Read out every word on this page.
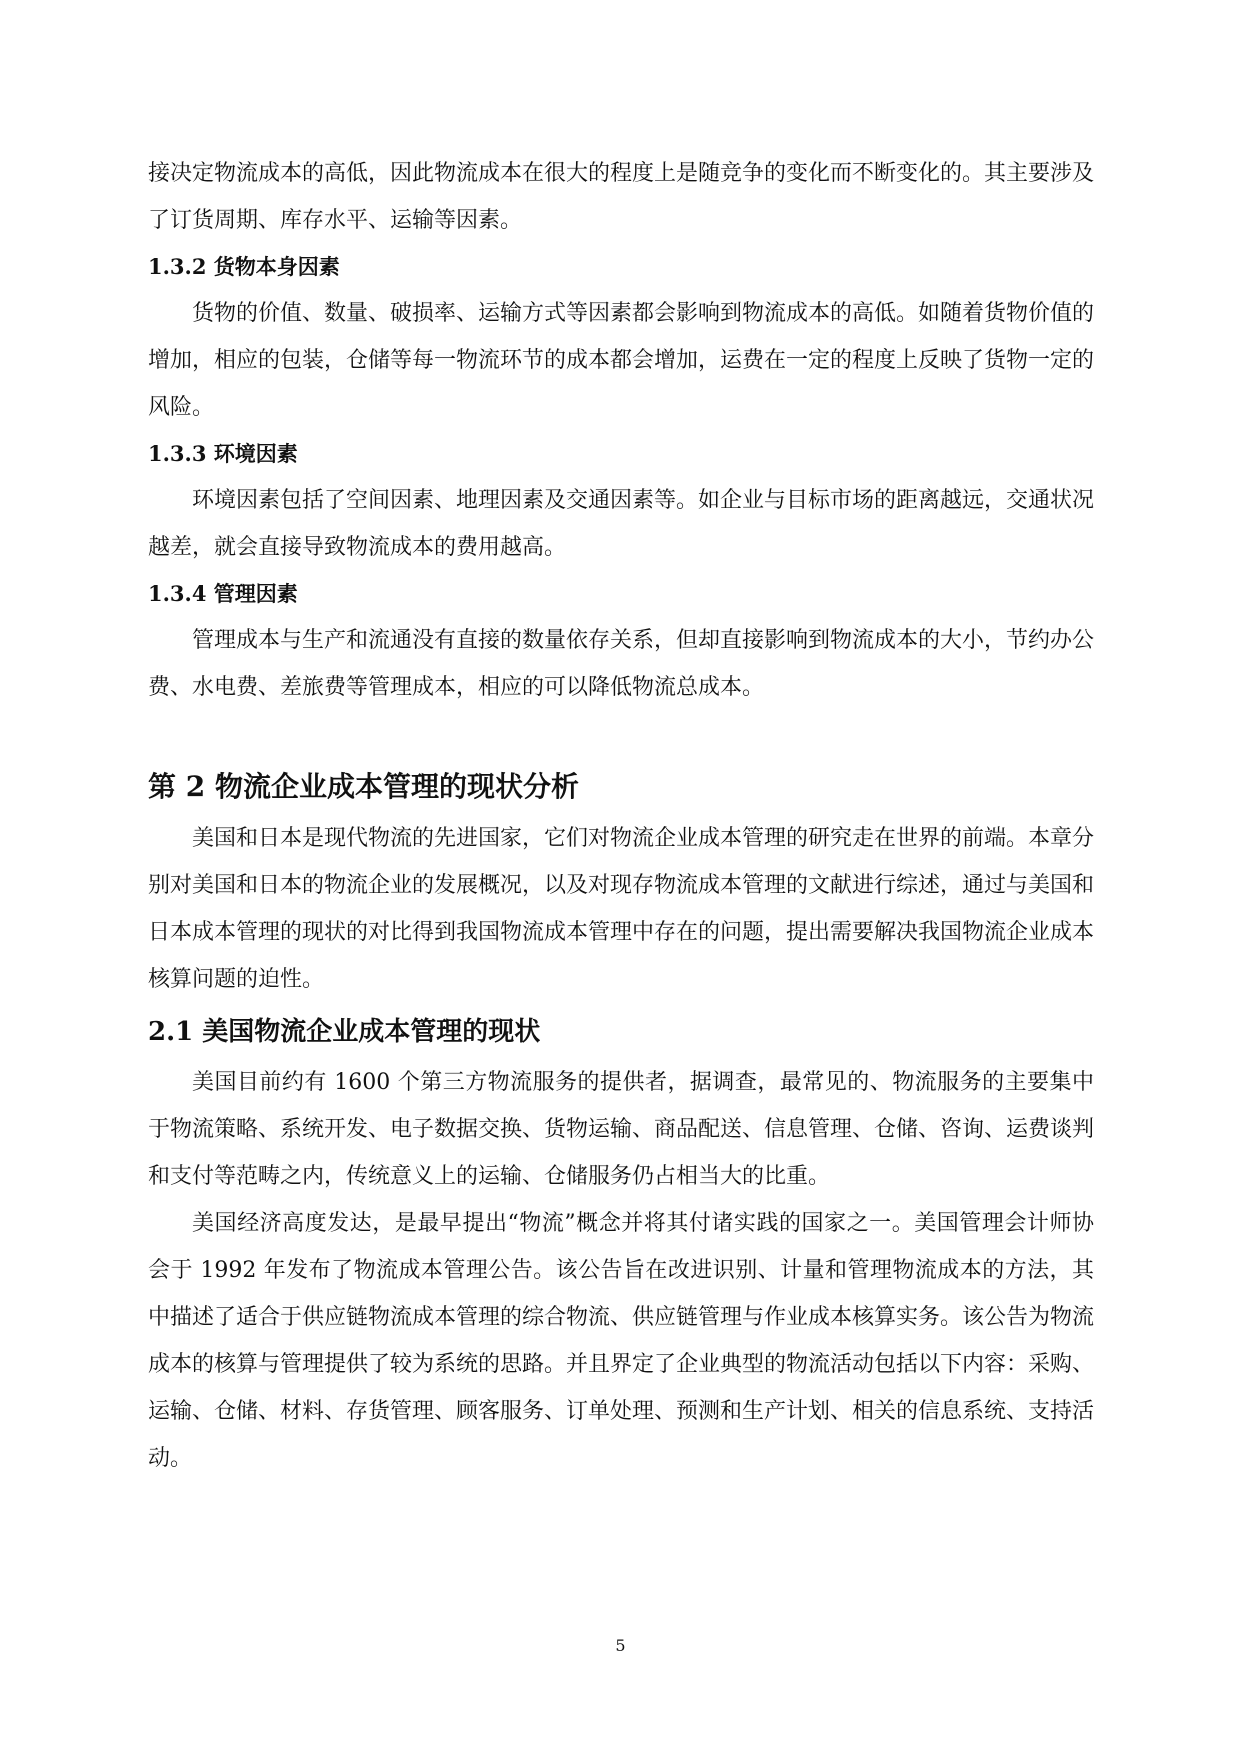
接决定物流成本的高低，因此物流成本在很大的程度上是随竞争的变化而不断变化的。其主要涉及了订货周期、库存水平、运输等因素。

1.3.2 货物本身因素

货物的价值、数量、破损率、运输方式等因素都会影响到物流成本的高低。如随着货物价值的增加，相应的包装，仓储等每一物流环节的成本都会增加，运费在一定的程度上反映了货物一定的风险。

1.3.3 环境因素

环境因素包括了空间因素、地理因素及交通因素等。如企业与目标市场的距离越远，交通状况越差，就会直接导致物流成本的费用越高。

1.3.4 管理因素

管理成本与生产和流通没有直接的数量依存关系，但却直接影响到物流成本的大小，节约办公费、水电费、差旅费等管理成本，相应的可以降低物流总成本。

第 2 物流企业成本管理的现状分析

美国和日本是现代物流的先进国家，它们对物流企业成本管理的研究走在世界的前端。本章分别对美国和日本的物流企业的发展概况，以及对现存物流成本管理的文献进行综述，通过与美国和日本成本管理的现状的对比得到我国物流成本管理中存在的问题，提出需要解决我国物流企业成本核算问题的迫性。

2.1 美国物流企业成本管理的现状

美国目前约有 1600 个第三方物流服务的提供者，据调查，最常见的、物流服务的主要集中于物流策略、系统开发、电子数据交换、货物运输、商品配送、信息管理、仓储、咨询、运费谈判和支付等范畴之内，传统意义上的运输、仓储服务仍占相当大的比重。

美国经济高度发达，是最早提出“物流”概念并将其付诸实践的国家之一。美国管理会计师协会于 1992 年发布了物流成本管理公告。该公告旨在改进识别、计量和管理物流成本的方法，其中描述了适合于供应链物流成本管理的综合物流、供应链管理与作业成本核算实务。该公告为物流成本的核算与管理提供了较为系统的思路。并且界定了企业典型的物流活动包括以下内容：采购、运输、仓储、材料、存货管理、顾客服务、订单处理、预测和生产计划、相关的信息系统、支持活动。

5
